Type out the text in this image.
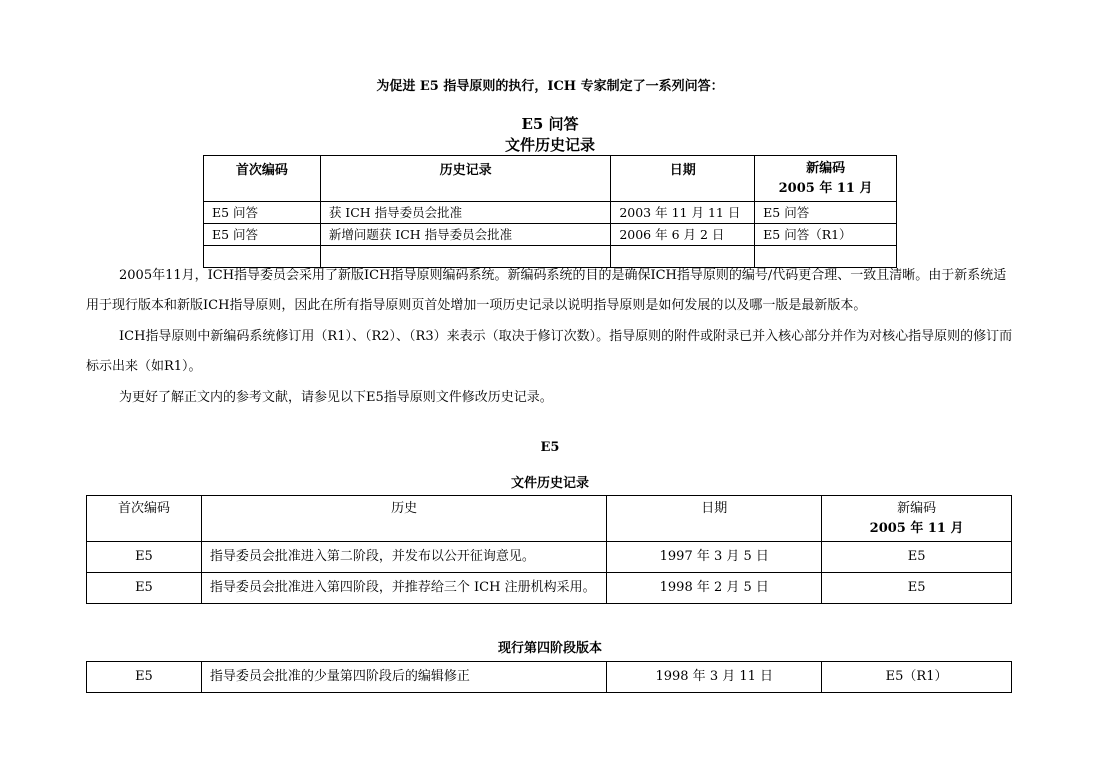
为促进 E5 指导原则的执行，ICH 专家制定了一系列问答：
E5 问答
文件历史记录
首次编码	历史记录	日期	新编码
2005 年 11 月

E5 问答	获 ICH 指导委员会批准	2003 年 11 月 11 日	E5 问答
E5 问答	新增问题获 ICH 指导委员会批准	2006 年 6 月 2 日	E5 问答（R1）

2005年11月，ICH指导委员会采用了新版ICH指导原则编码系统。新编码系统的目的是确保ICH指导原则的编号/代码更合理、一致且清晰。由于新系统适用于现行版本和新版ICH指导原则，因此在所有指导原则页首处增加一项历史记录以说明指导原则是如何发展的以及哪一版是最新版本。
ICH指导原则中新编码系统修订用（R1）、（R2）、（R3）来表示（取决于修订次数）。指导原则的附件或附录已并入核心部分并作为对核心指导原则的修订而标示出来（如R1）。
为更好了解正文内的参考文献，请参见以下E5指导原则文件修改历史记录。
E5
文件历史记录
首次编码	历史	日期	新编码
2005 年 11 月

E5	指导委员会批准进入第二阶段，并发布以公开征询意见。	1997 年 3 月 5 日	E5
E5	指导委员会批准进入第四阶段，并推荐给三个 ICH 注册机构采用。	1998 年 2 月 5 日	E5
现行第四阶段版本
E5	指导委员会批准的少量第四阶段后的编辑修正	1998 年 3 月 11 日	E5（R1）
